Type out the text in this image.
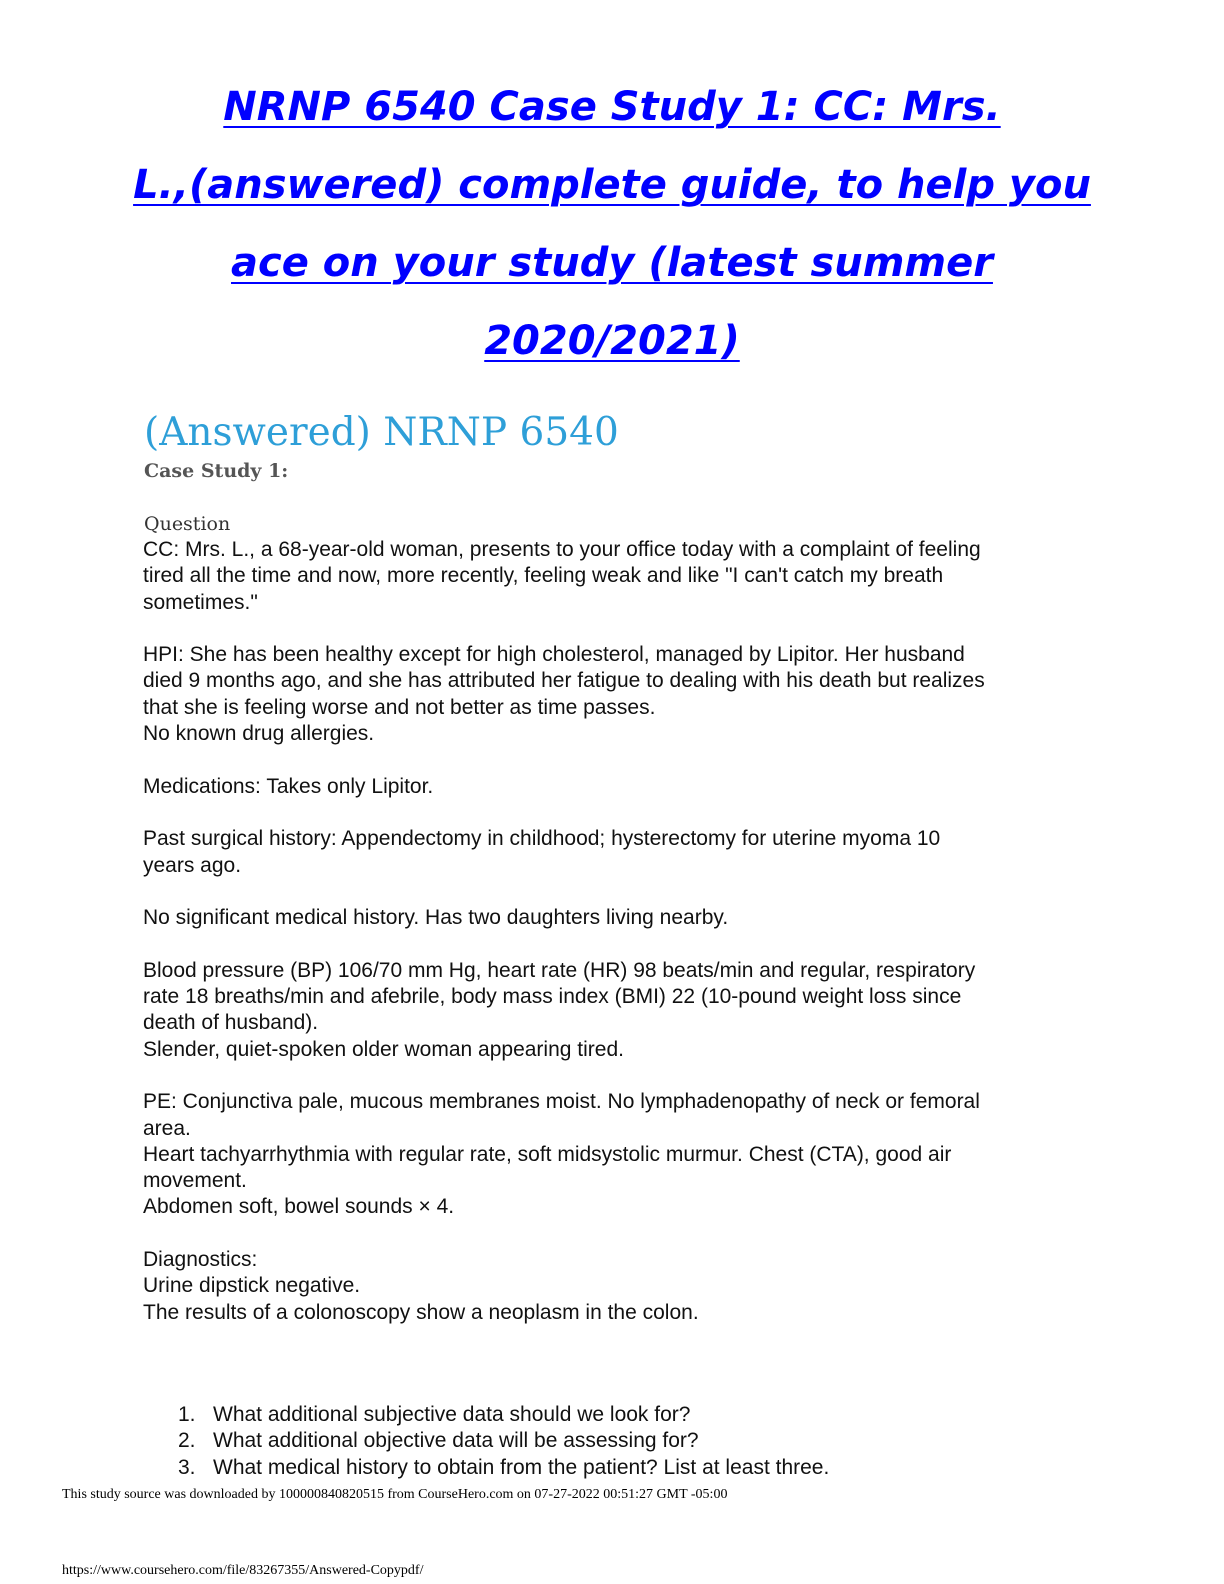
NRNP 6540 Case Study 1: CC: Mrs.
L.,(answered) complete guide, to help you
ace on your study (latest summer
2020/2021)
(Answered) NRNP 6540
Case Study 1:
Question

CC: Mrs. L., a 68-year-old woman, presents to your office today with a complaint of feeling
tired all the time and now, more recently, feeling weak and like "I can't catch my breath
sometimes."

HPI: She has been healthy except for high cholesterol, managed by Lipitor. Her husband
died 9 months ago, and she has attributed her fatigue to dealing with his death but realizes
that she is feeling worse and not better as time passes.
No known drug allergies.

Medications: Takes only Lipitor.

Past surgical history: Appendectomy in childhood; hysterectomy for uterine myoma 10
years ago.

No significant medical history. Has two daughters living nearby.

Blood pressure (BP) 106/70 mm Hg, heart rate (HR) 98 beats/min and regular, respiratory
rate 18 breaths/min and afebrile, body mass index (BMI) 22 (10-pound weight loss since
death of husband).
Slender, quiet-spoken older woman appearing tired.

PE: Conjunctiva pale, mucous membranes moist. No lymphadenopathy of neck or femoral
area.
Heart tachyarrhythmia with regular rate, soft midsystolic murmur. Chest (CTA), good air
movement.
Abdomen soft, bowel sounds × 4.

Diagnostics:
Urine dipstick negative.
The results of a colonoscopy show a neoplasm in the colon.

1. What additional subjective data should we look for?
2. What additional objective data will be assessing for?
3. What medical history to obtain from the patient? List at least three.
This study source was downloaded by 100000840820515 from CourseHero.com on 07-27-2022 00:51:27 GMT -05:00
https://www.coursehero.com/file/83267355/Answered-Copypdf/
